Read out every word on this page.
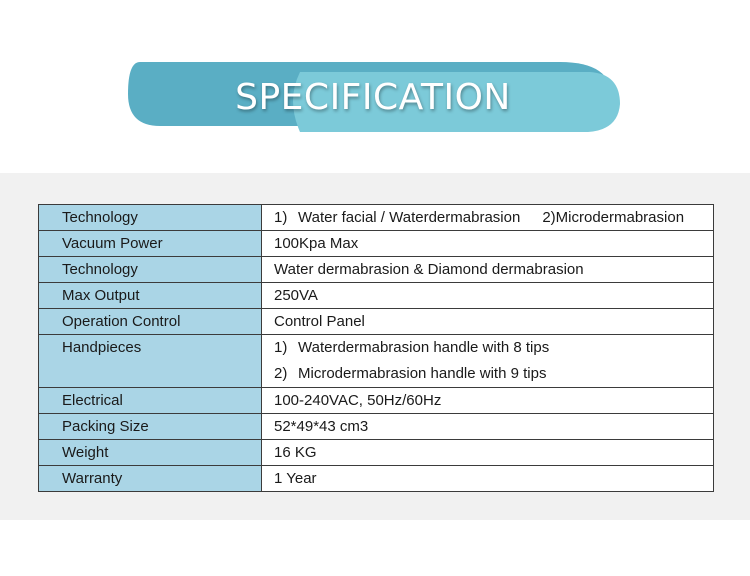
SPECIFICATION
Technology	1) Water facial / Waterdermabrasion 2)Microdermabrasion
Vacuum Power	100Kpa Max
Technology	Water dermabrasion & Diamond dermabrasion
Max Output	250VA
Operation Control	Control Panel

Handpieces	1) Waterdermabrasion handle with 8 tips
2) Microdermabrasion handle with 9 tips

Electrical	100-240VAC, 50Hz/60Hz
Packing Size	52*49*43 cm3
Weight	16 KG
Warranty	1 Year
